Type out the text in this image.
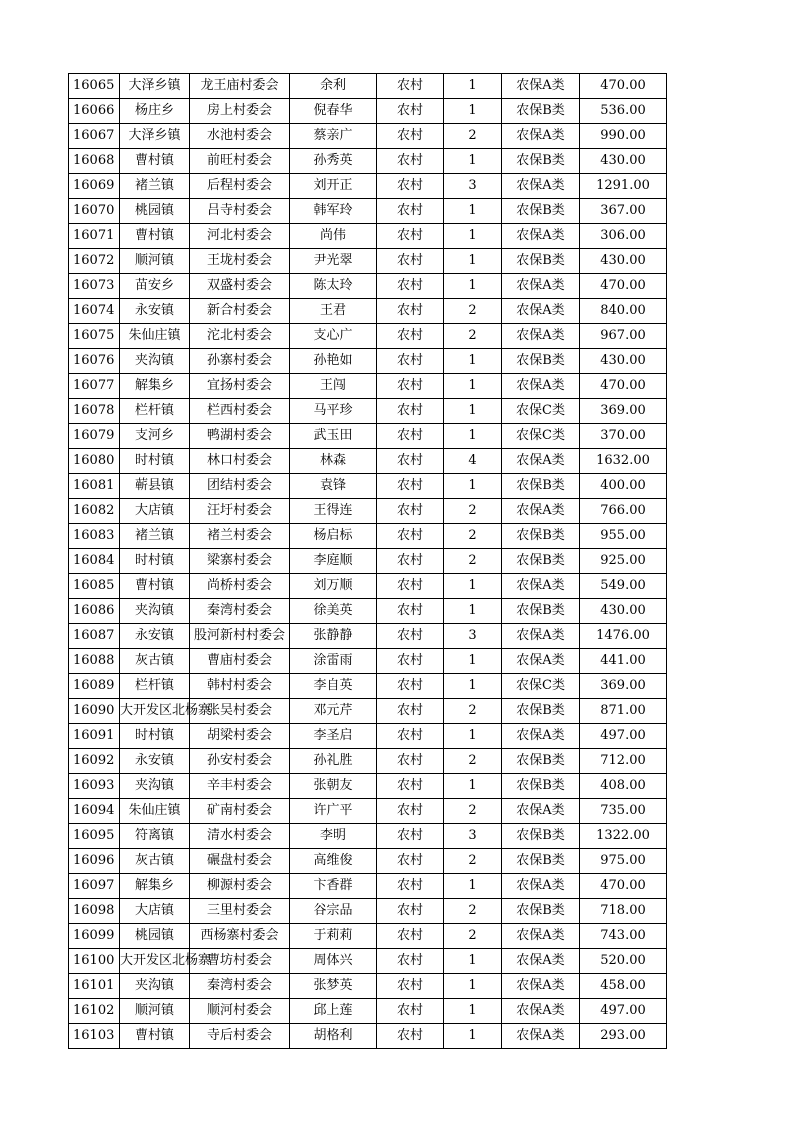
16065	大泽乡镇	龙王庙村委会	余利	农村	1	农保A类	470.00
16066	杨庄乡	房上村委会	倪春华	农村	1	农保B类	536.00
16067	大泽乡镇	水池村委会	蔡亲广	农村	2	农保A类	990.00
16068	曹村镇	前旺村委会	孙秀英	农村	1	农保B类	430.00
16069	褚兰镇	后程村委会	刘开正	农村	3	农保A类	1291.00
16070	桃园镇	吕寺村委会	韩军玲	农村	1	农保B类	367.00
16071	曹村镇	河北村委会	尚伟	农村	1	农保A类	306.00
16072	顺河镇	王垅村委会	尹光翠	农村	1	农保B类	430.00
16073	苗安乡	双盛村委会	陈太玲	农村	1	农保A类	470.00
16074	永安镇	新合村委会	王君	农村	2	农保A类	840.00
16075	朱仙庄镇	沱北村委会	支心广	农村	2	农保A类	967.00
16076	夹沟镇	孙寨村委会	孙艳如	农村	1	农保B类	430.00
16077	解集乡	宜扬村委会	王闯	农村	1	农保A类	470.00
16078	栏杆镇	栏西村委会	马平珍	农村	1	农保C类	369.00
16079	支河乡	鸭湖村委会	武玉田	农村	1	农保C类	370.00
16080	时村镇	林口村委会	林森	农村	4	农保A类	1632.00
16081	蕲县镇	团结村委会	袁锋	农村	1	农保B类	400.00
16082	大店镇	汪圩村委会	王得连	农村	2	农保A类	766.00
16083	褚兰镇	褚兰村委会	杨启标	农村	2	农保B类	955.00
16084	时村镇	梁寨村委会	李庭顺	农村	2	农保B类	925.00
16085	曹村镇	尚桥村委会	刘万顺	农村	1	农保A类	549.00
16086	夹沟镇	秦湾村委会	徐美英	农村	1	农保B类	430.00
16087	永安镇	股河新村村委会	张静静	农村	3	农保A类	1476.00
16088	灰古镇	曹庙村委会	涂雷雨	农村	1	农保A类	441.00
16089	栏杆镇	韩村村委会	李自英	农村	1	农保C类	369.00
16090	大开发区北杨寨	张吴村委会	邓元芹	农村	2	农保B类	871.00
16091	时村镇	胡梁村委会	李圣启	农村	1	农保A类	497.00
16092	永安镇	孙安村委会	孙礼胜	农村	2	农保B类	712.00
16093	夹沟镇	辛丰村委会	张朝友	农村	1	农保B类	408.00
16094	朱仙庄镇	矿南村委会	许广平	农村	2	农保A类	735.00
16095	符离镇	清水村委会	李明	农村	3	农保B类	1322.00
16096	灰古镇	碾盘村委会	高维俊	农村	2	农保B类	975.00
16097	解集乡	柳源村委会	卞香群	农村	1	农保A类	470.00
16098	大店镇	三里村委会	谷宗品	农村	2	农保B类	718.00
16099	桃园镇	西杨寨村委会	于莉莉	农村	2	农保A类	743.00
16100	大开发区北杨寨	曹坊村委会	周体兴	农村	1	农保A类	520.00
16101	夹沟镇	秦湾村委会	张梦英	农村	1	农保A类	458.00
16102	顺河镇	顺河村委会	邱上莲	农村	1	农保A类	497.00
16103	曹村镇	寺后村委会	胡格利	农村	1	农保A类	293.00
